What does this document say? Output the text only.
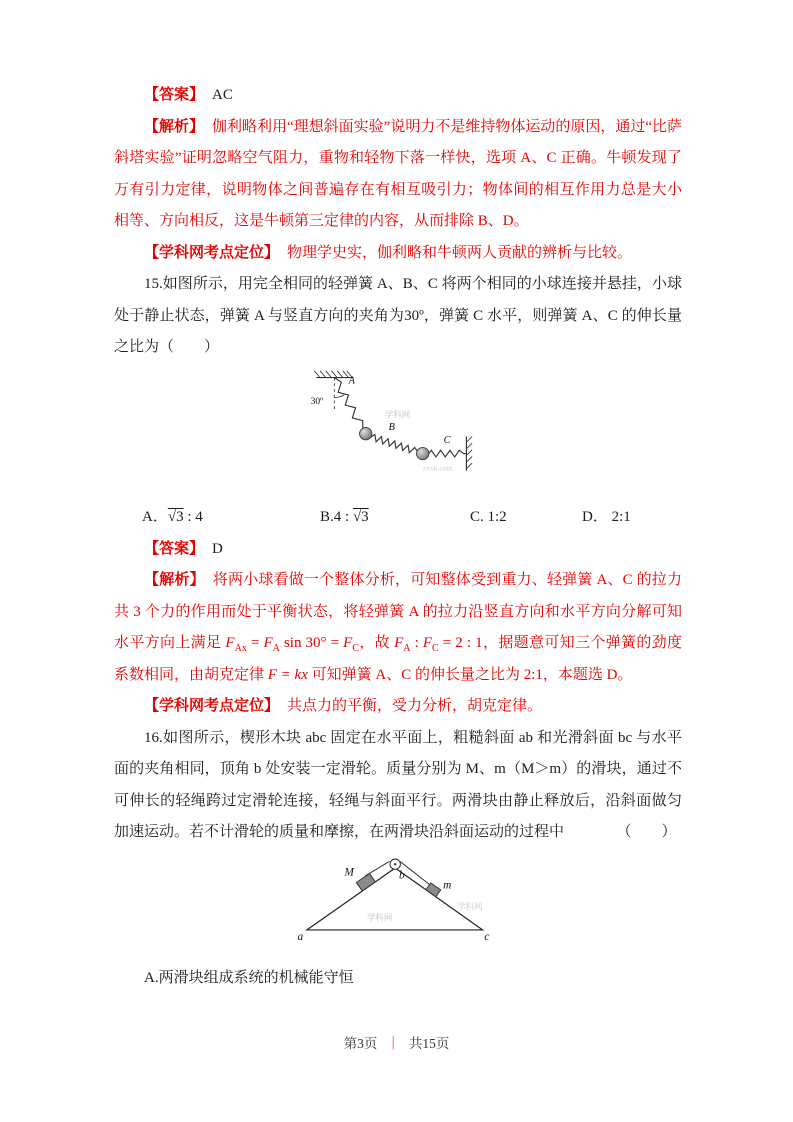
【答案】 AC

【解析】 伽利略利用“理想斜面实验”说明力不是维持物体运动的原因，通过“比萨斜塔实验”证明忽略空气阻力，重物和轻物下落一样快，选项 A、C 正确。牛顿发现了万有引力定律，说明物体之间普遍存在有相互吸引力；物体间的相互作用力总是大小相等、方向相反，这是牛顿第三定律的内容，从而排除 B、D。

【学科网考点定位】 物理学史实，伽利略和牛顿两人贡献的辨析与比较。

15.如图所示，用完全相同的轻弹簧 A、B、C 将两个相同的小球连接并悬挂，小球处于静止状态，弹簧 A 与竖直方向的夹角为30º，弹簧 C 水平，则弹簧 A、C 的伸长量之比为（　　）

30º
A
B
C
学科网
zxxk.com
A．√3 : 4	B.4 : √3	C. 1:2	D． 2:1

【答案】 D

【解析】 将两小球看做一个整体分析，可知整体受到重力、轻弹簧 A、C 的拉力共 3 个力的作用而处于平衡状态，将轻弹簧 A 的拉力沿竖直方向和水平方向分解可知水平方向上满足 $F_{Ax} = F_A$ $\sin 30^\circ = F_C$，故 $F_A$ : $F_C = 2$ : 1，据题意可知三个弹簧的劲度系数相同，由胡克定律 F = kx 可知弹簧 A、C 的伸长量之比为 2:1，本题选 D。

【学科网考点定位】 共点力的平衡，受力分析，胡克定律。

16.如图所示，楔形木块 abc 固定在水平面上，粗糙斜面 ab 和光滑斜面 bc 与水平面的夹角相同，顶角 b 处安装一定滑轮。质量分别为 M、m（M＞m）的滑块，通过不可伸长的轻绳跨过定滑轮连接，轻绳与斜面平行。两滑块由静止释放后，沿斜面做匀加速运动。若不计滑轮的质量和摩擦，在两滑块沿斜面运动的过程中　　　　（　　）

M	b
m
a	c
学科网
学科网

A.两滑块组成系统的机械能守恒

第3页 ｜ 共15页
